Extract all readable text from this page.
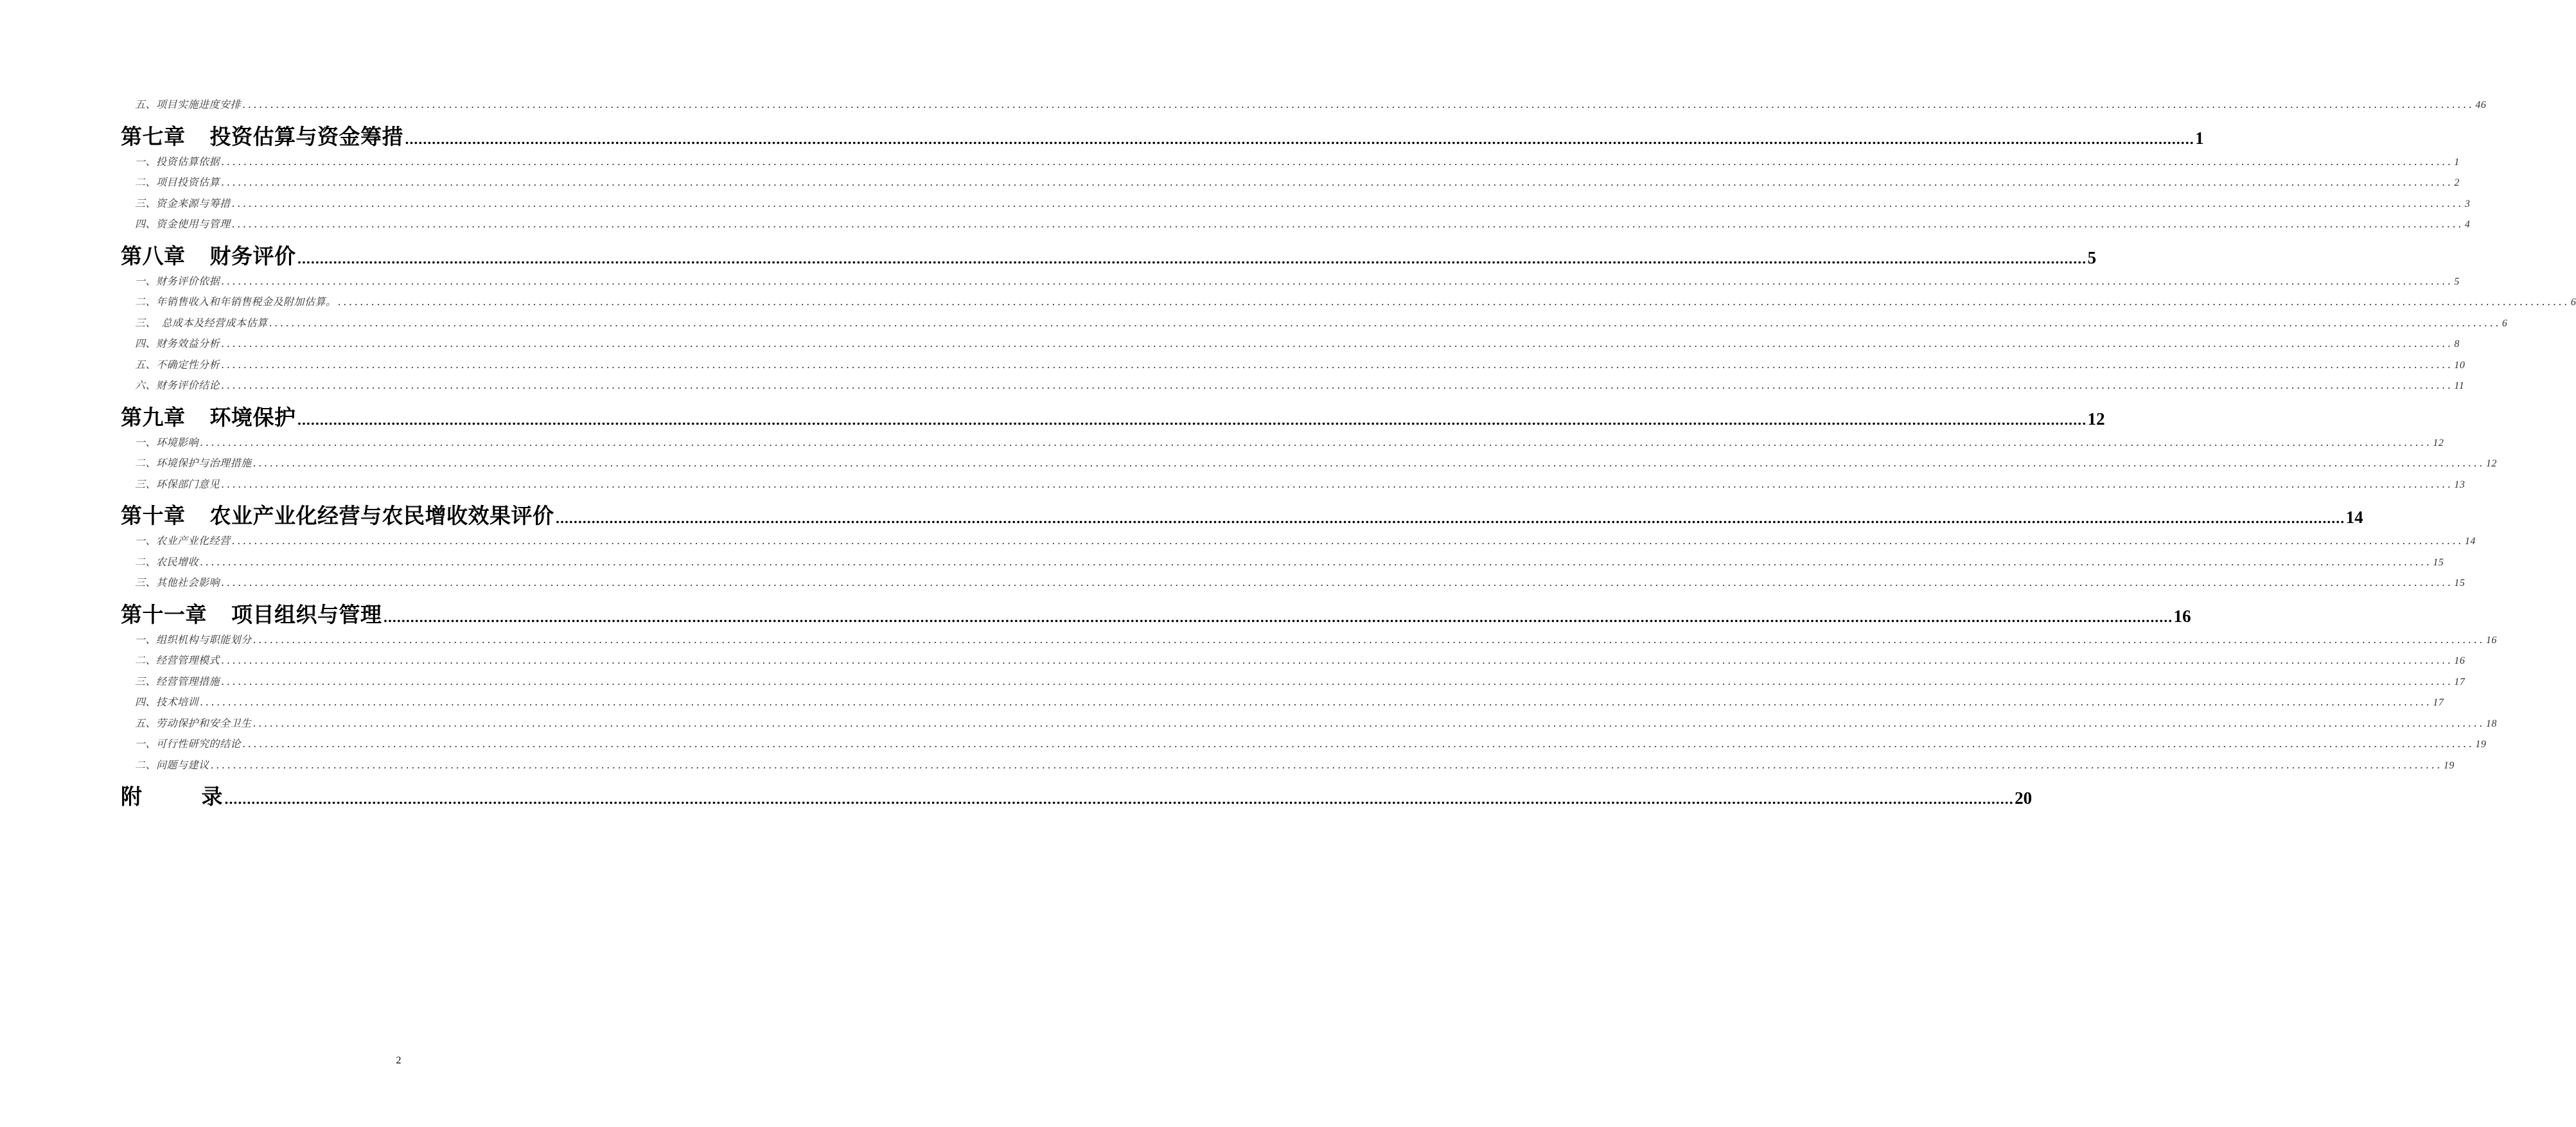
五、项目实施进度安排 ................................................................................................................................................................................................................................................................................................................................................................................................................ 46
第七章 投资估算与资金筹措 ................................................................................................................................................................................................................................................................................................................................................................................................................ 1
一、投资估算依据 ................................................................................................................................................................................................................................................................................................................................................................................................................ 1
二、项目投资估算 ................................................................................................................................................................................................................................................................................................................................................................................................................ 2
三、资金来源与筹措 ................................................................................................................................................................................................................................................................................................................................................................................................................ 3
四、资金使用与管理 ................................................................................................................................................................................................................................................................................................................................................................................................................ 4
第八章 财务评价 ................................................................................................................................................................................................................................................................................................................................................................................................................ 5
一、财务评价依据 ................................................................................................................................................................................................................................................................................................................................................................................................................ 5
二、年销售收入和年销售税金及附加估算。 ................................................................................................................................................................................................................................................................................................................................................................................................................ 6
三、　总成本及经营成本估算 ................................................................................................................................................................................................................................................................................................................................................................................................................ 6
四、财务效益分析 ................................................................................................................................................................................................................................................................................................................................................................................................................ 8
五、不确定性分析 ................................................................................................................................................................................................................................................................................................................................................................................................................ 10
六、财务评价结论 ................................................................................................................................................................................................................................................................................................................................................................................................................ 11
第九章 环境保护 ................................................................................................................................................................................................................................................................................................................................................................................................................ 12
一、环境影响 ................................................................................................................................................................................................................................................................................................................................................................................................................ 12
二、环境保护与治理措施 ................................................................................................................................................................................................................................................................................................................................................................................................................ 12
三、环保部门意见 ................................................................................................................................................................................................................................................................................................................................................................................................................ 13
第十章 农业产业化经营与农民增收效果评价 ................................................................................................................................................................................................................................................................................................................................................................................................................ 14
一、农业产业化经营 ................................................................................................................................................................................................................................................................................................................................................................................................................ 14
二、农民增收 ................................................................................................................................................................................................................................................................................................................................................................................................................ 15
三、其他社会影响 ................................................................................................................................................................................................................................................................................................................................................................................................................ 15
第十一章 项目组织与管理 ................................................................................................................................................................................................................................................................................................................................................................................................................ 16
一、组织机构与职能划分 ................................................................................................................................................................................................................................................................................................................................................................................................................ 16
二、经营管理模式 ................................................................................................................................................................................................................................................................................................................................................................................................................ 16
三、经营管理措施 ................................................................................................................................................................................................................................................................................................................................................................................................................ 17
四、技术培训 ................................................................................................................................................................................................................................................................................................................................................................................................................ 17
五、劳动保护和安全卫生 ................................................................................................................................................................................................................................................................................................................................................................................................................ 18
一、可行性研究的结论 ................................................................................................................................................................................................................................................................................................................................................................................................................ 19
二、问题与建议 ................................................................................................................................................................................................................................................................................................................................................................................................................ 19
附	录 ................................................................................................................................................................................................................................................................................................................................................................................................................ 20
2
